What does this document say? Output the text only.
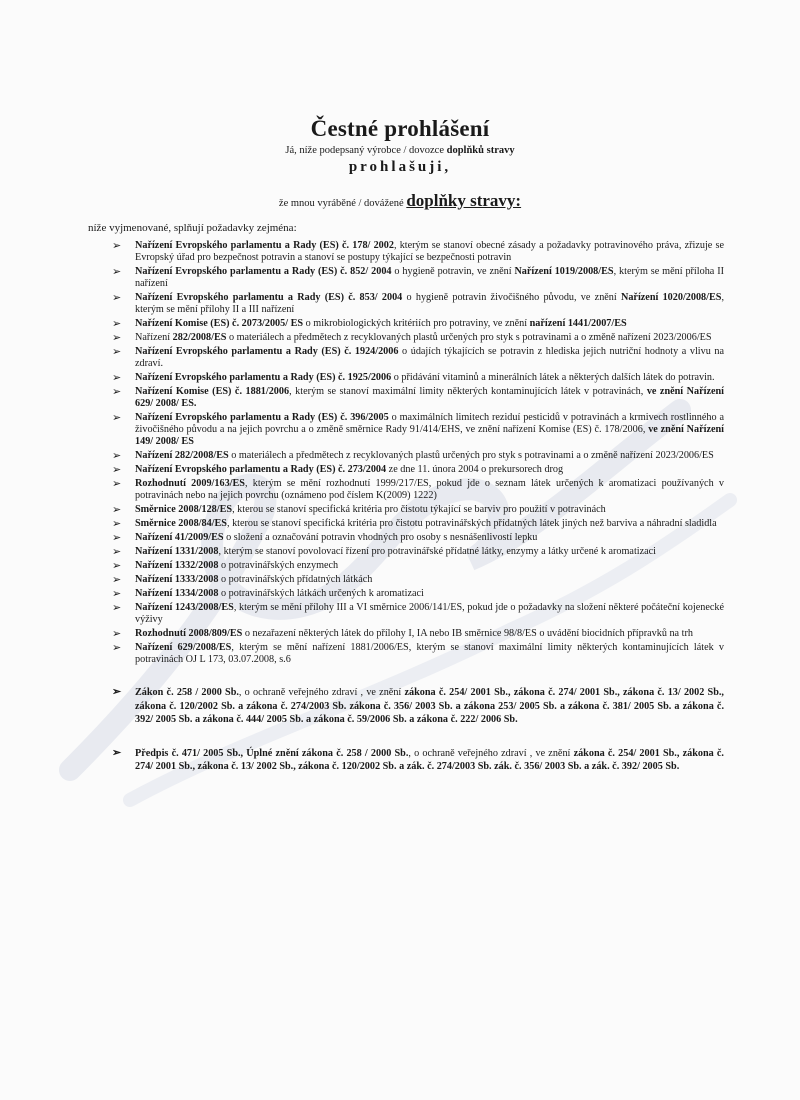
Čestné prohlášení
Já, níže podepsaný výrobce / dovozce doplňků stravy
prohlašuji,
že mnou vyráběné / dovážené doplňky stravy:
níže vyjmenované, splňují požadavky zejména:
➢ Nařízení Evropského parlamentu a Rady (ES) č. 178/ 2002, kterým se stanoví obecné zásady a požadavky potravinového práva, zřizuje se Evropský úřad pro bezpečnost potravin a stanoví se postupy týkající se bezpečnosti potravin
➢ Nařízení Evropského parlamentu a Rady (ES) č. 852/ 2004 o hygieně potravin, ve znění Nařízení 1019/2008/ES, kterým se mění příloha II nařízení
➢ Nařízení Evropského parlamentu a Rady (ES) č. 853/ 2004 o hygieně potravin živočišného původu, ve znění Nařízení 1020/2008/ES, kterým se mění přílohy II a III nařízení
➢ Nařízení Komise (ES) č. 2073/2005/ ES o mikrobiologických kritériích pro potraviny, ve znění nařízení 1441/2007/ES
➢ Nařízení 282/2008/ES o materiálech a předmětech z recyklovaných plastů určených pro styk s potravinami a o změně nařízení 2023/2006/ES
➢ Nařízení Evropského parlamentu a Rady (ES) č. 1924/2006 o údajích týkajících se potravin z hlediska jejich nutriční hodnoty a vlivu na zdraví.
➢ Nařízení Evropského parlamentu a Rady (ES) č. 1925/2006 o přidávání vitaminů a minerálních látek a některých dalších látek do potravin.
➢ Nařízení Komise (ES) č. 1881/2006, kterým se stanoví maximální limity některých kontaminujících látek v potravinách, ve znění Nařízení 629/ 2008/ ES.
➢ Nařízení Evropského parlamentu a Rady (ES) č. 396/2005 o maximálních limitech reziduí pesticidů v potravinách a krmivech rostlinného a živočišného původu a na jejich povrchu a o změně směrnice Rady 91/414/EHS, ve znění nařízení Komise (ES) č. 178/2006, ve znění Nařízení 149/ 2008/ ES
➢ Nařízení 282/2008/ES o materiálech a předmětech z recyklovaných plastů určených pro styk s potravinami a o změně nařízení 2023/2006/ES
➢ Nařízení Evropského parlamentu a Rady (ES) č. 273/2004 ze dne 11. února 2004 o prekursorech drog
➢ Rozhodnutí 2009/163/ES, kterým se mění rozhodnutí 1999/217/ES, pokud jde o seznam látek určených k aromatizaci používaných v potravinách nebo na jejich povrchu (oznámeno pod číslem K(2009) 1222)
➢ Směrnice 2008/128/ES, kterou se stanoví specifická kritéria pro čistotu týkající se barviv pro použití v potravinách
➢ Směrnice 2008/84/ES, kterou se stanoví specifická kritéria pro čistotu potravinářských přídatných látek jiných než barviva a náhradní sladidla
➢ Nařízení 41/2009/ES o složení a označování potravin vhodných pro osoby s nesnášenlivostí lepku
➢ Nařízení 1331/2008, kterým se stanoví povolovací řízení pro potravinářské přídatné látky, enzymy a látky určené k aromatizaci
➢ Nařízení 1332/2008 o potravinářských enzymech
➢ Nařízení 1333/2008 o potravinářských přídatných látkách
➢ Nařízení 1334/2008 o potravinářských látkách určených k aromatizaci
➢ Nařízení 1243/2008/ES, kterým se mění přílohy III a VI směrnice 2006/141/ES, pokud jde o požadavky na složení některé počáteční kojenecké výživy
➢ Rozhodnutí 2008/809/ES o nezařazení některých látek do přílohy I, IA nebo IB směrnice 98/8/ES o uvádění biocidních přípravků na trh
➢ Nařízení 629/2008/ES, kterým se mění nařízení 1881/2006/ES, kterým se stanoví maximální limity některých kontaminujících látek v potravinách OJ L 173, 03.07.2008, s.6
➢ Zákon č. 258 / 2000 Sb., o ochraně veřejného zdraví , ve znění zákona č. 254/ 2001 Sb., zákona č. 274/ 2001 Sb., zákona č. 13/ 2002 Sb., zákona č. 120/2002 Sb. a zákona č. 274/2003 Sb. zákona č. 356/ 2003 Sb. a zákona 253/ 2005 Sb. a zákona č. 381/ 2005 Sb. a zákona č. 392/ 2005 Sb. a zákona č. 444/ 2005 Sb. a zákona č. 59/2006 Sb. a zákona č. 222/ 2006 Sb.
➢ Předpis č. 471/ 2005 Sb., Úplné znění zákona č. 258 / 2000 Sb., o ochraně veřejného zdraví , ve znění zákona č. 254/ 2001 Sb., zákona č. 274/ 2001 Sb., zákona č. 13/ 2002 Sb., zákona č. 120/2002 Sb. a zák. č. 274/2003 Sb. zák. č. 356/ 2003 Sb. a zák. č. 392/ 2005 Sb.
